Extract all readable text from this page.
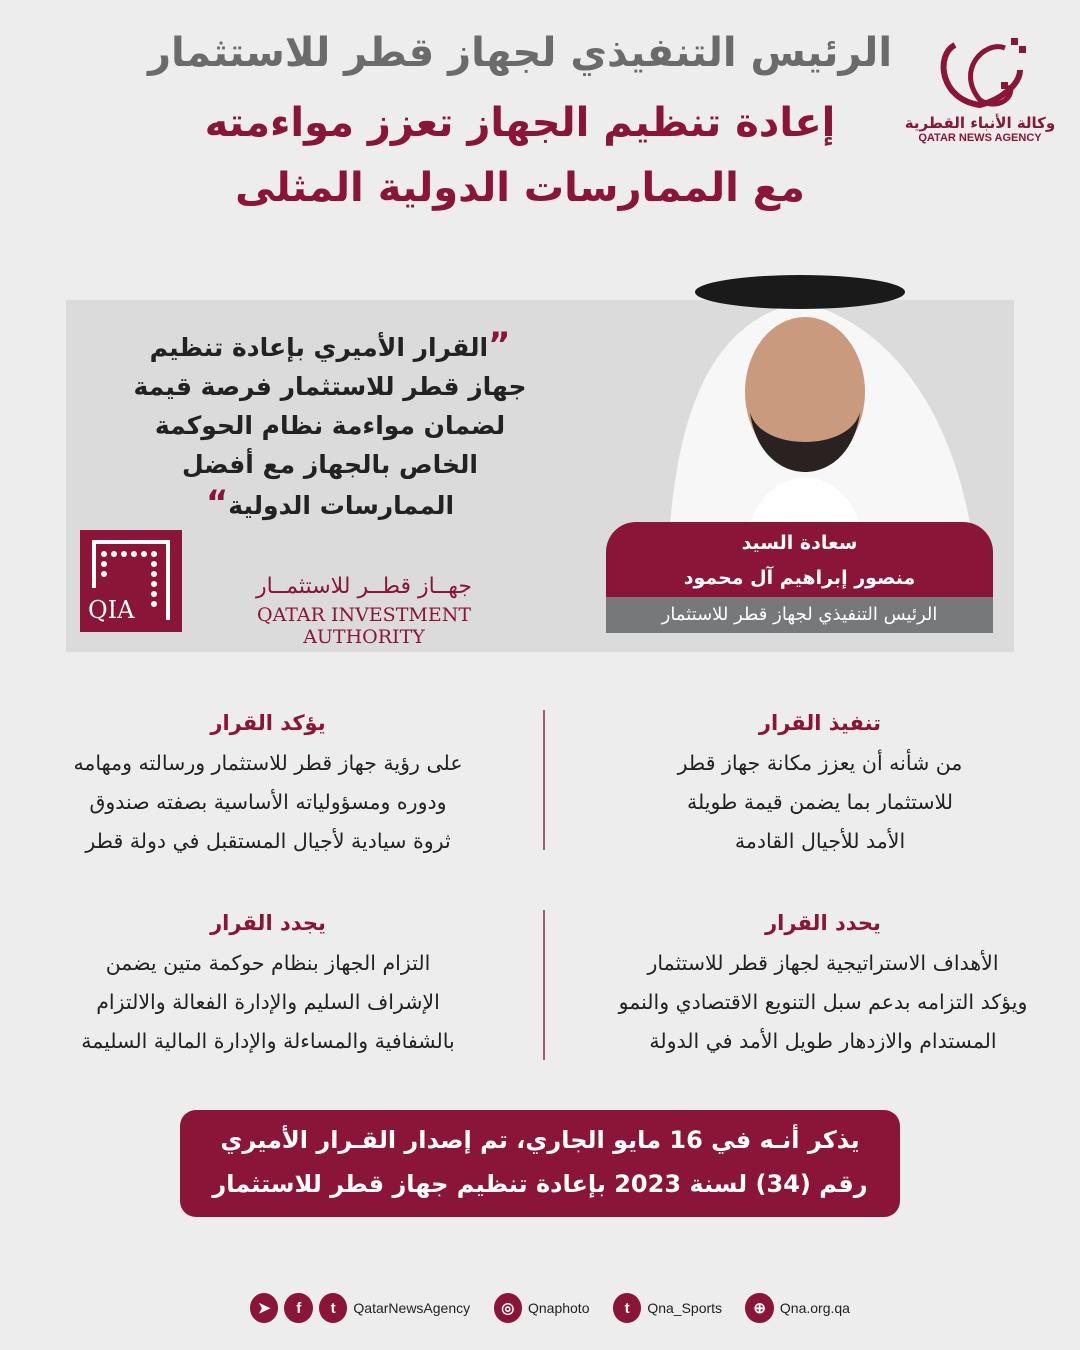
الرئيس التنفيذي لجهاز قطر للاستثمار
إعادة تنظيم الجهاز تعزز مواءمته
مع الممارسات الدولية المثلى
وكالة الأنباء القطرية
QATAR NEWS AGENCY
”القرار الأميري بإعادة تنظيم
جهاز قطر للاستثمار فرصة قيمة
لضمان مواءمة نظام الحوكمة
الخاص بالجهاز مع أفضل
الممارسات الدولية“
سعادة السيد
منصور إبراهيم آل محمود
الرئيس التنفيذي لجهاز قطر للاستثمار
QIA
جهــاز قطــر للاستثمــار
QATAR INVESTMENT AUTHORITY
تنفيذ القرار

من شأنه أن يعزز مكانة جهاز قطر

للاستثمار بما يضمن قيمة طويلة

الأمد للأجيال القادمة

يؤكد القرار

على رؤية جهاز قطر للاستثمار ورسالته ومهامه

ودوره ومسؤولياته الأساسية بصفته صندوق

ثروة سيادية لأجيال المستقبل في دولة قطر

يحدد القرار

الأهداف الاستراتيجية لجهاز قطر للاستثمار

ويؤكد التزامه بدعم سبل التنويع الاقتصادي والنمو

المستدام والازدهار طويل الأمد في الدولة

يجدد القرار

التزام الجهاز بنظام حوكمة متين يضمن

الإشراف السليم والإدارة الفعالة والالتزام

بالشفافية والمساءلة والإدارة المالية السليمة

يذكر أنـه في 16 مايو الجاري، تم إصدار القـرار الأميري
رقم (34) لسنة 2023 بإعادة تنظيم جهاز قطر للاستثمار
➤	f	t	QatarNewsAgency	◎ Qnaphoto	t	Qna_Sports	⊕ Qna.org.qa
